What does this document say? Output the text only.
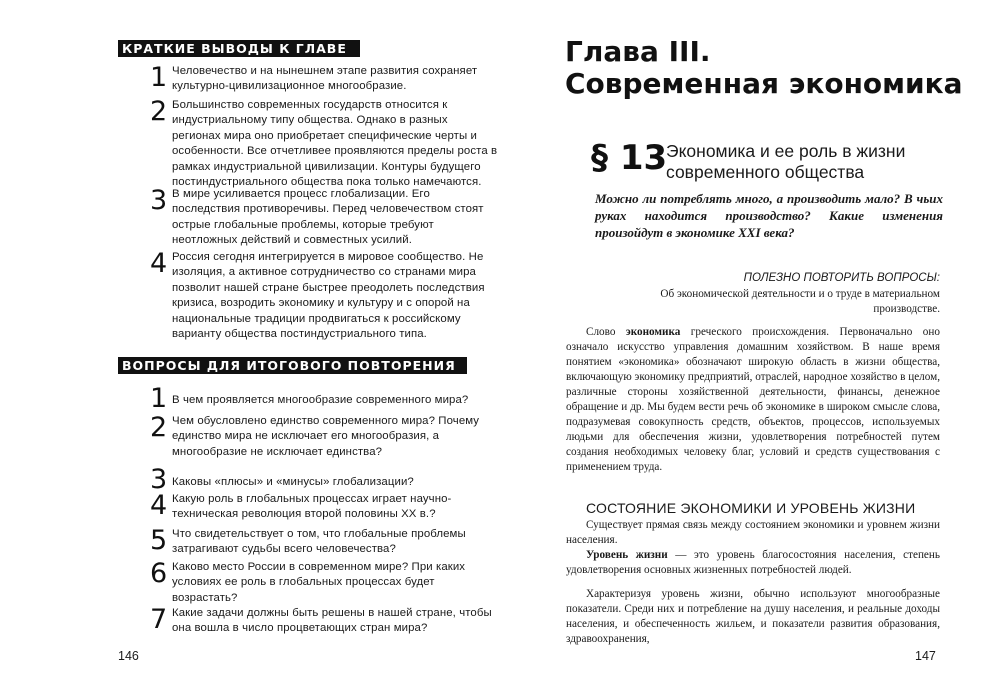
КРАТКИЕ ВЫВОДЫ К ГЛАВЕ
1 Человечество и на нынешнем этапе развития сохраняет культурно-цивилизационное многообразие.
2 Большинство современных государств относится к индустриальному типу общества. Однако в разных регионах мира оно приобретает специфические черты и особенности. Все отчетливее проявляются пределы роста в рамках индустриальной цивилизации. Контуры будущего постиндустриального общества пока только намечаются.
3 В мире усиливается процесс глобализации. Его последствия противоречивы. Перед человечеством стоят острые глобальные проблемы, которые требуют неотложных действий и совместных усилий.
4 Россия сегодня интегрируется в мировое сообщество. Не изоляция, а активное сотрудничество со странами мира позволит нашей стране быстрее преодолеть последствия кризиса, возродить экономику и культуру и с опорой на национальные традиции продвигаться к российскому варианту общества постиндустриального типа.
ВОПРОСЫ ДЛЯ ИТОГОВОГО ПОВТОРЕНИЯ
1 В чем проявляется многообразие современного мира?
2 Чем обусловлено единство современного мира? Почему единство мира не исключает его многообразия, а многообразие не исключает единства?
3 Каковы «плюсы» и «минусы» глобализации?
4 Какую роль в глобальных процессах играет научно-техническая революция второй половины XX в.?
5 Что свидетельствует о том, что глобальные проблемы затрагивают судьбы всего человечества?
6 Каково место России в современном мире? При каких условиях ее роль в глобальных процессах будет возрастать?
7 Какие задачи должны быть решены в нашей стране, чтобы она вошла в число процветающих стран мира?
146
Глава III.
Современная экономика
§ 13
Экономика и ее роль в жизни современного общества
Можно ли потреблять много, а производить мало? В чьих руках находится производство? Какие изменения произойдут в экономике XXI века?
ПОЛЕЗНО ПОВТОРИТЬ ВОПРОСЫ:
Об экономической деятельности и о труде в материальном производстве.
Слово экономика греческого происхождения. Первоначально оно означало искусство управления домашним хозяйством. В наше время понятием «экономика» обозначают широкую область в жизни общества, включающую экономику предприятий, отраслей, народное хозяйство в целом, различные стороны хозяйственной деятельности, финансы, денежное обращение и др. Мы будем вести речь об экономике в широком смысле слова, подразумевая совокупность средств, объектов, процессов, используемых людьми для обеспечения жизни, удовлетворения потребностей путем создания необходимых человеку благ, условий и средств существования с применением труда.
СОСТОЯНИЕ ЭКОНОМИКИ И УРОВЕНЬ ЖИЗНИ
Существует прямая связь между состоянием экономики и уровнем жизни населения.
Уровень жизни — это уровень благосостояния населения, степень удовлетворения основных жизненных потребностей людей.
Характеризуя уровень жизни, обычно используют многообразные показатели. Среди них и потребление на душу населения, и реальные доходы населения, и обеспеченность жильем, и показатели развития образования, здравоохранения,
147
